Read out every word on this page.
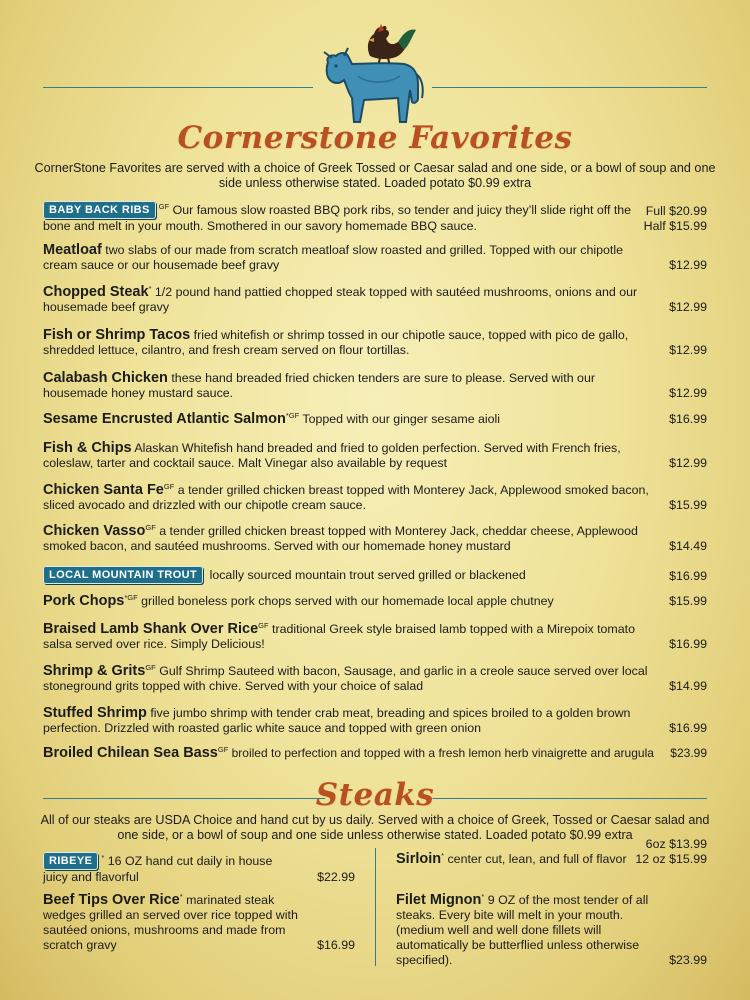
Cornerstone Favorites
CornerStone Favorites are served with a choice of Greek Tossed or Caesar salad and one side, or a bowl of soup and one side unless otherwise stated. Loaded potato $0.99 extra
BABY BACK RIBS $^{GF}$ Our famous slow roasted BBQ pork ribs, so tender and juicy they’ll slide right off the bone and melt in your mouth. Smothered in our savory homemade BBQ sauce.
Full $20.99
Half $15.99
Meatloaf two slabs of our made from scratch meatloaf slow roasted and grilled. Topped with our chipotle cream sauce or our housemade beef gravy	$12.99
Chopped Steak* 1/2 pound hand pattied chopped steak topped with sautéed mushrooms, onions and our housemade beef gravy	$12.99
Fish or Shrimp Tacos fried whitefish or shrimp tossed in our chipotle sauce, topped with pico de gallo, shredded lettuce, cilantro, and fresh cream served on flour tortillas.	$12.99
Calabash Chicken these hand breaded fried chicken tenders are sure to please. Served with our housemade honey mustard sauce.	$12.99
Sesame Encrusted Atlantic Salmon$^{*GF}$ Topped with our ginger sesame aioli	$16.99
Fish & Chips Alaskan Whitefish hand breaded and fried to golden perfection. Served with French fries, coleslaw, tarter and cocktail sauce. Malt Vinegar also available by request	$12.99
Chicken Santa $Fe^{GF}$ a tender grilled chicken breast topped with Monterey Jack, Applewood smoked bacon, sliced avocado and drizzled with our chipotle cream sauce.	$15.99
Chicken Vasso$^{GF}$ a tender grilled chicken breast topped with Monterey Jack, cheddar cheese, Applewood smoked bacon, and sautéed mushrooms. Served with our homemade honey mustard	$14.49
LOCAL MOUNTAIN TROUT locally sourced mountain trout served grilled or blackened	$16.99
Pork Chops$^{*GF}$ grilled boneless pork chops served with our homemade local apple chutney	$15.99
Braised Lamb Shank Over Rice$^{GF}$ traditional Greek style braised lamb topped with a Mirepoix tomato salsa served over rice. Simply Delicious!	$16.99
Shrimp & Grits$^{GF}$ Gulf Shrimp Sauteed with bacon, Sausage, and garlic in a creole sauce served over local stoneground grits topped with chive. Served with your choice of salad	$14.99
Stuffed Shrimp five jumbo shrimp with tender crab meat, breading and spices broiled to a golden brown perfection. Drizzled with roasted garlic white sauce and topped with green onion	$16.99
Broiled Chilean Sea Bass$^{GF}$ broiled to perfection and topped with a fresh lemon herb vinaigrette and arugula	$23.99
Steaks
All of our steaks are USDA Choice and hand cut by us daily. Served with a choice of Greek, Tossed or Caesar salad and one side, or a bowl of soup and one side unless otherwise stated. Loaded potato $0.99 extra
RIBEYE * 16 OZ hand cut daily in house juicy and flavorful	$22.99
Beef Tips Over Rice* marinated steak wedges grilled an served over rice topped with sautéed onions, mushrooms and made from scratch gravy	$16.99
Sirloin* center cut, lean, and full of flavor
6oz $13.99
12 oz $15.99
Filet Mignon* 9 OZ of the most tender of all steaks. Every bite will melt in your mouth. (medium well and well done fillets will automatically be butterflied unless otherwise specified).	$23.99
